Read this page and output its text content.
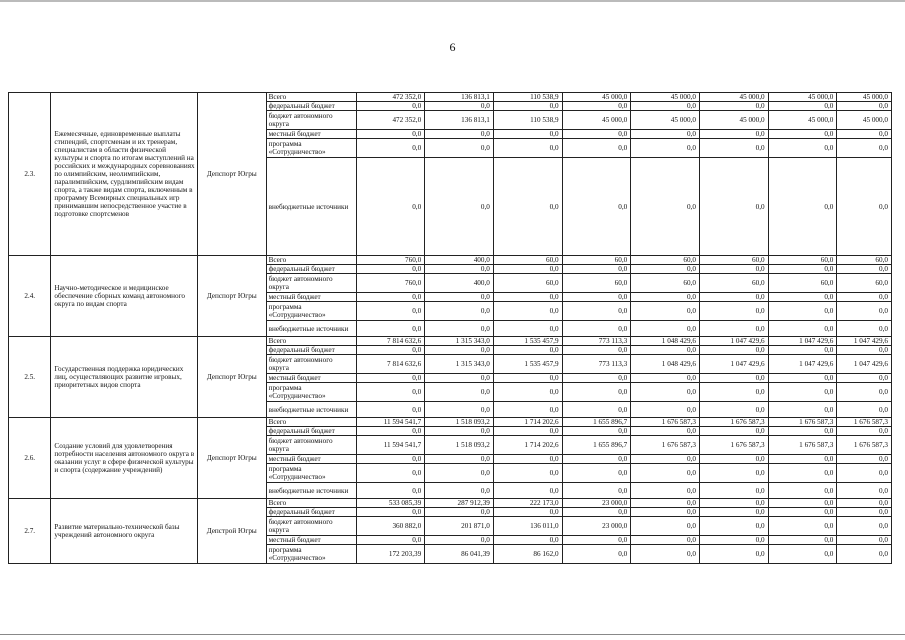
6
2.3.	Ежемесячные, единовременные выплаты стипендий, спортсменам и их тренерам, специалистам в области физической культуры и спорта по итогам выступлений на российских и международных соревнованиях по олимпийским, неолимпийским, паралимпийским, сурдлимпийским видам спорта, а также видам спорта, включенным в программу Всемирных специальных игр принимавшим непосредственное участие в подготовке спортсменов	Депспорт Югры	Всего	472 352,0	136 813,1	110 538,9	45 000,0	45 000,0	45 000,0	45 000,0	45 000,0
			федеральный бюджет	0,0	0,0	0,0	0,0	0,0	0,0	0,0	0,0
			бюджет автономного округа	472 352,0	136 813,1	110 538,9	45 000,0	45 000,0	45 000,0	45 000,0	45 000,0
			местный бюджет	0,0	0,0	0,0	0,0	0,0	0,0	0,0	0,0
			программа «Сотрудничество»	0,0	0,0	0,0	0,0	0,0	0,0	0,0	0,0
			внебюджетные источники	0,0	0,0	0,0	0,0	0,0	0,0	0,0	0,0
2.4.	Научно-методическое и медицинское обеспечение сборных команд автономного округа по видам спорта	Депспорт Югры	Всего	760,0	400,0	60,0	60,0	60,0	60,0	60,0	60,0
			федеральный бюджет	0,0	0,0	0,0	0,0	0,0	0,0	0,0	0,0
			бюджет автономного округа	760,0	400,0	60,0	60,0	60,0	60,0	60,0	60,0
			местный бюджет	0,0	0,0	0,0	0,0	0,0	0,0	0,0	0,0
			программа «Сотрудничество»	0,0	0,0	0,0	0,0	0,0	0,0	0,0	0,0
			внебюджетные источники	0,0	0,0	0,0	0,0	0,0	0,0	0,0	0,0
2.5.	Государственная поддержка юридических лиц, осуществляющих развитие игровых, приоритетных видов спорта	Депспорт Югры	Всего	7 814 632,6	1 315 343,0	1 535 457,9	773 113,3	1 048 429,6	1 047 429,6	1 047 429,6	1 047 429,6
			федеральный бюджет	0,0	0,0	0,0	0,0	0,0	0,0	0,0	0,0
			бюджет автономного округа	7 814 632,6	1 315 343,0	1 535 457,9	773 113,3	1 048 429,6	1 047 429,6	1 047 429,6	1 047 429,6
			местный бюджет	0,0	0,0	0,0	0,0	0,0	0,0	0,0	0,0
			программа «Сотрудничество»	0,0	0,0	0,0	0,0	0,0	0,0	0,0	0,0
			внебюджетные источники	0,0	0,0	0,0	0,0	0,0	0,0	0,0	0,0
2.6.	Создание условий для удовлетворения потребности населения автономного округа в оказании услуг в сфере физической культуры и спорта (содержание учреждений)	Депспорт Югры	Всего	11 594 541,7	1 518 093,2	1 714 202,6	1 655 896,7	1 676 587,3	1 676 587,3	1 676 587,3	1 676 587,3
			федеральный бюджет	0,0	0,0	0,0	0,0	0,0	0,0	0,0	0,0
			бюджет автономного округа	11 594 541,7	1 518 093,2	1 714 202,6	1 655 896,7	1 676 587,3	1 676 587,3	1 676 587,3	1 676 587,3
			местный бюджет	0,0	0,0	0,0	0,0	0,0	0,0	0,0	0,0
			программа «Сотрудничество»	0,0	0,0	0,0	0,0	0,0	0,0	0,0	0,0
			внебюджетные источники	0,0	0,0	0,0	0,0	0,0	0,0	0,0	0,0
2.7.	Развитие материально-технической базы учреждений автономного округа	Депстрой Югры	Всего	533 085,39	287 912,39	222 173,0	23 000,0	0,0	0,0	0,0	0,0
			федеральный бюджет	0,0	0,0	0,0	0,0	0,0	0,0	0,0	0,0
			бюджет автономного округа	360 882,0	201 871,0	136 011,0	23 000,0	0,0	0,0	0,0	0,0
			местный бюджет	0,0	0,0	0,0	0,0	0,0	0,0	0,0	0,0
			программа «Сотрудничество»	172 203,39	86 041,39	86 162,0	0,0	0,0	0,0	0,0	0,0
